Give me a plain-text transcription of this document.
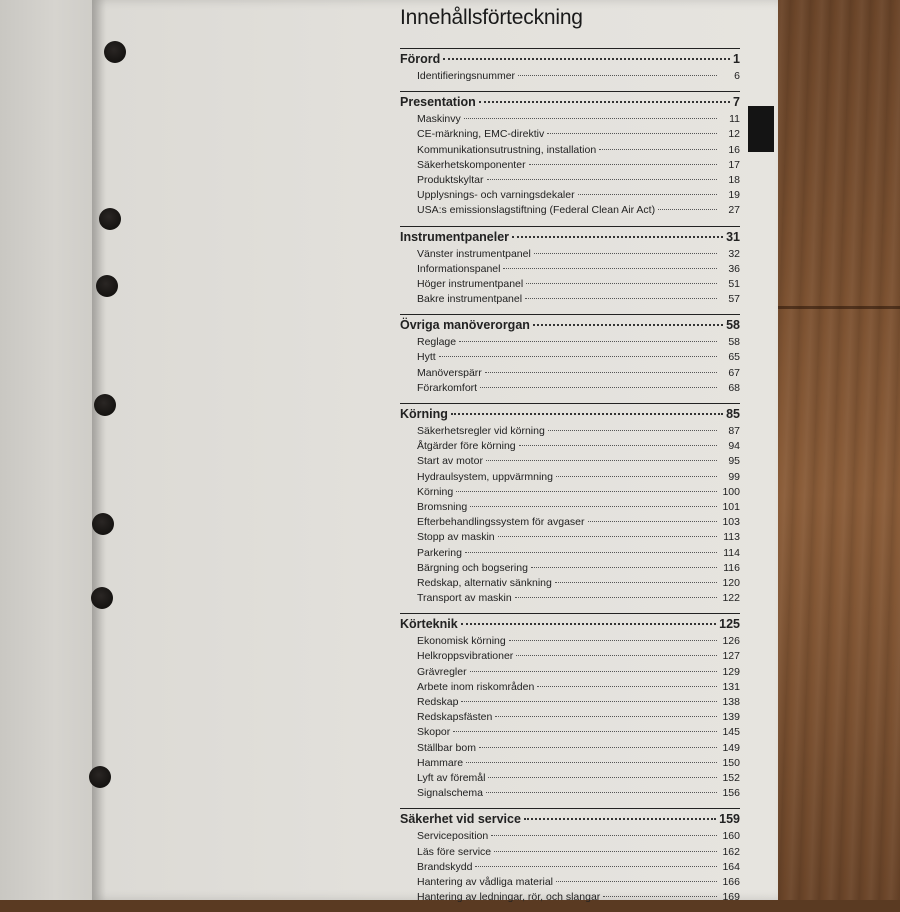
Innehållsförteckning
Förord	1
Identifieringsnummer	6
Presentation	7
Maskinvy	11
CE-märkning, EMC-direktiv	12
Kommunikationsutrustning, installation	16
Säkerhetskomponenter	17
Produktskyltar	18
Upplysnings- och varningsdekaler	19
USA:s emissionslagstiftning (Federal Clean Air Act)	27
Instrumentpaneler	31
Vänster instrumentpanel	32
Informationspanel	36
Höger instrumentpanel	51
Bakre instrumentpanel	57
Övriga manöverorgan	58
Reglage	58
Hytt	65
Manöverspärr	67
Förarkomfort	68
Körning	85
Säkerhetsregler vid körning	87
Åtgärder före körning	94
Start av motor	95
Hydraulsystem, uppvärmning	99
Körning	100
Bromsning	101
Efterbehandlingssystem för avgaser	103
Stopp av maskin	113
Parkering	114
Bärgning och bogsering	116
Redskap, alternativ sänkning	120
Transport av maskin	122
Körteknik	125
Ekonomisk körning	126
Helkroppsvibrationer	127
Grävregler	129
Arbete inom riskområden	131
Redskap	138
Redskapsfästen	139
Skopor	145
Ställbar bom	149
Hammare	150
Lyft av föremål	152
Signalschema	156
Säkerhet vid service	159
Serviceposition	160
Läs före service	162
Brandskydd	164
Hantering av vådliga material	166
Hantering av ledningar, rör, och slangar	169
